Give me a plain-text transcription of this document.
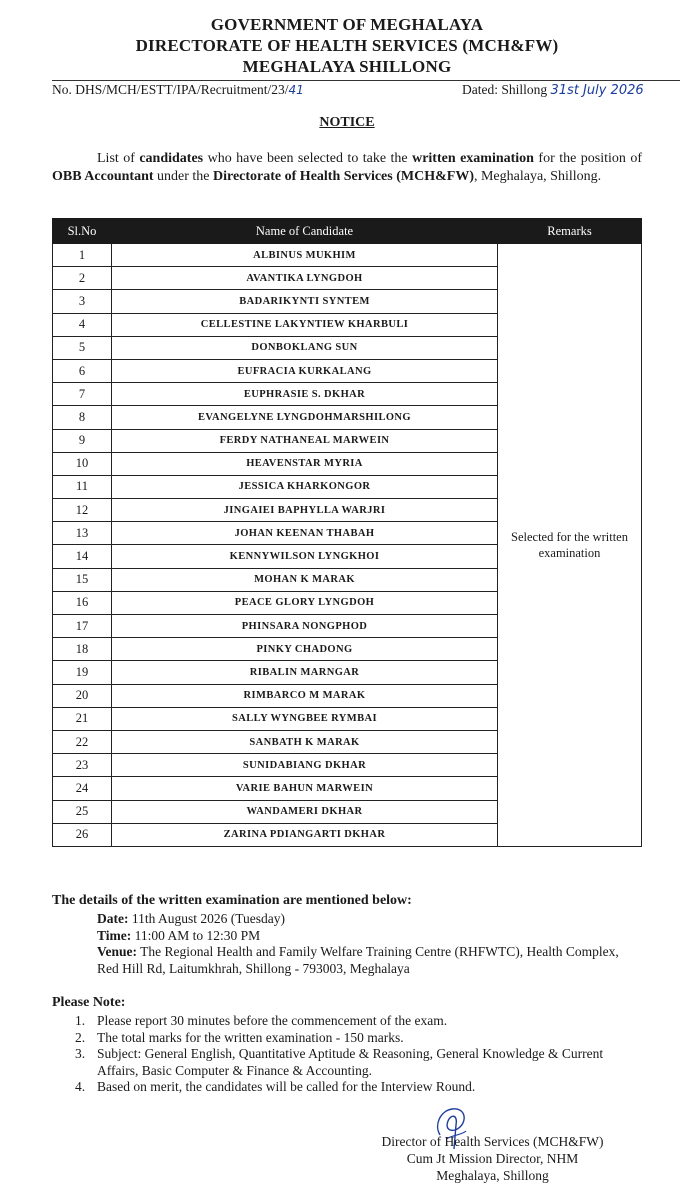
GOVERNMENT OF MEGHALAYA
DIRECTORATE OF HEALTH SERVICES (MCH&FW)
MEGHALAYA SHILLONG
No. DHS/MCH/ESTT/IPA/Recruitment/23/41	Dated: Shillong 31st July 2026
NOTICE
List of candidates who have been selected to take the written examination for the position of OBB Accountant under the Directorate of Health Services (MCH&FW), Meghalaya, Shillong.
Sl.No	Name of Candidate	Remarks
1	ALBINUS MUKHIM	Selected for the written examination
2	AVANTIKA LYNGDOH	
3	BADARIKYNTI SYNTEM	
4	CELLESTINE LAKYNTIEW KHARBULI	
5	DONBOKLANG SUN	
6	EUFRACIA KURKALANG	
7	EUPHRASIE S. DKHAR	
8	EVANGELYNE LYNGDOHMARSHILONG	
9	FERDY NATHANEAL MARWEIN	
10	HEAVENSTAR MYRIA	
11	JESSICA KHARKONGOR	
12	JINGAIEI BAPHYLLA WARJRI	
13	JOHAN KEENAN THABAH	
14	KENNYWILSON LYNGKHOI	
15	MOHAN K MARAK	
16	PEACE GLORY LYNGDOH	
17	PHINSARA NONGPHOD	
18	PINKY CHADONG	
19	RIBALIN MARNGAR	
20	RIMBARCO M MARAK	
21	SALLY WYNGBEE RYMBAI	
22	SANBATH K MARAK	
23	SUNIDABIANG DKHAR	
24	VARIE BAHUN MARWEIN	
25	WANDAMERI DKHAR	
26	ZARINA PDIANGARTI DKHAR	
The details of the written examination are mentioned below:
Date: 11th August 2026 (Tuesday)
Time: 11:00 AM to 12:30 PM
Venue: The Regional Health and Family Welfare Training Centre (RHFWTC), Health Complex, Red Hill Rd, Laitumkhrah, Shillong - 793003, Meghalaya
Please Note:
1. Please report 30 minutes before the commencement of the exam.
2. The total marks for the written examination - 150 marks.
3. Subject: General English, Quantitative Aptitude & Reasoning, General Knowledge & Current Affairs, Basic Computer & Finance & Accounting.
4. Based on merit, the candidates will be called for the Interview Round.
Director of Health Services (MCH&FW)
Cum Jt Mission Director, NHM
Meghalaya, Shillong
